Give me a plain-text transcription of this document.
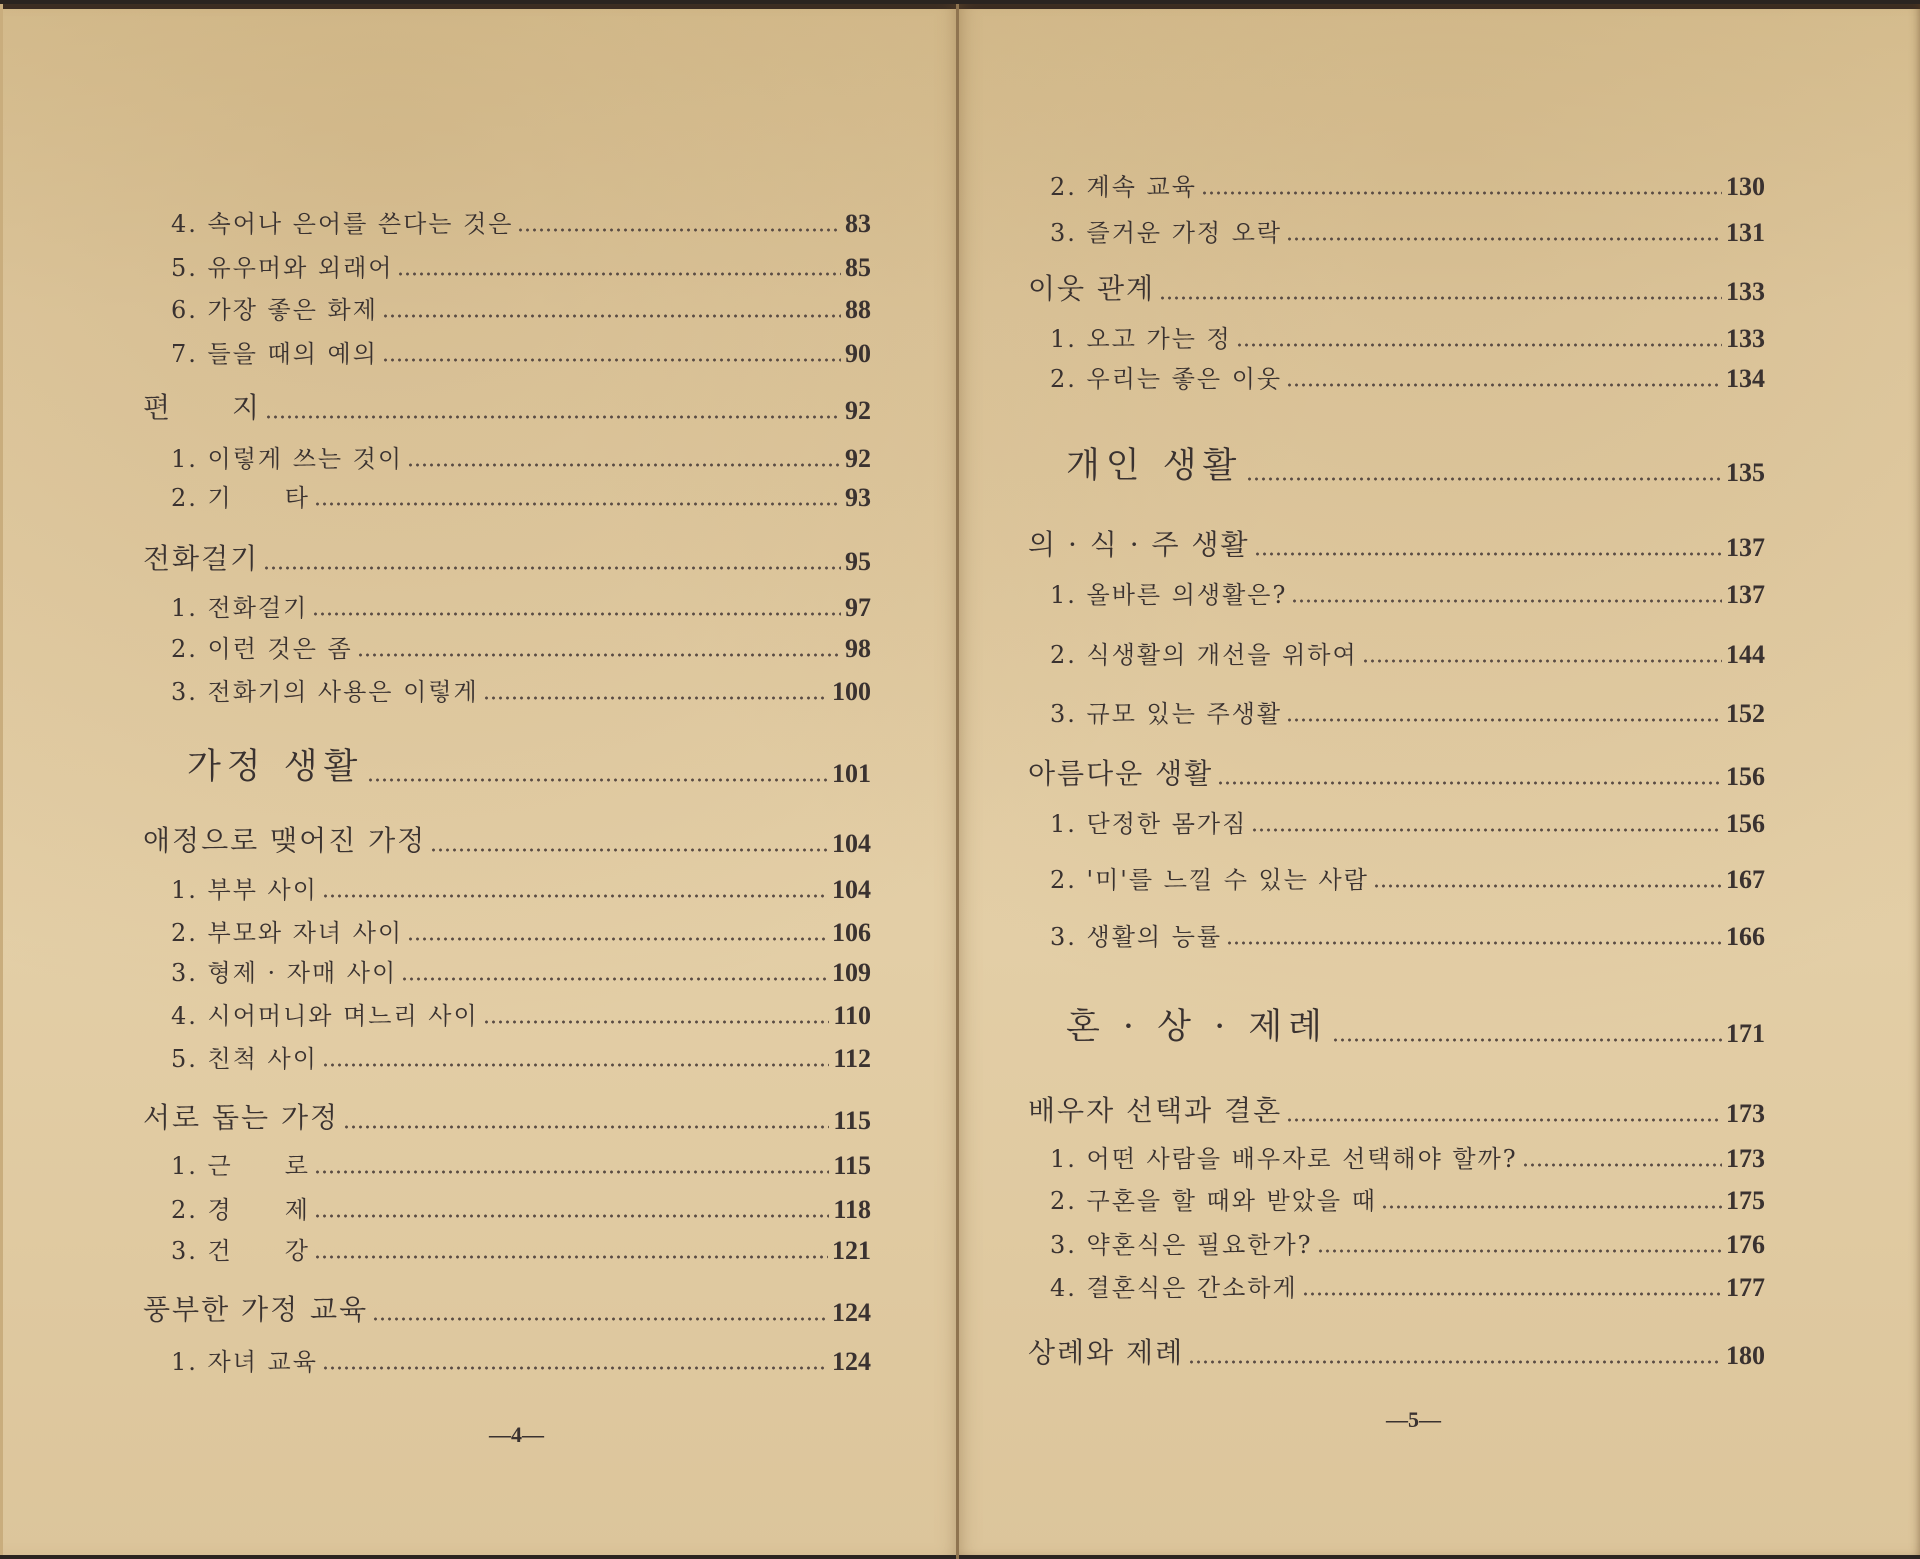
4. 속어나 은어를 쓴다는 것은	83
5. 유우머와 외래어	85
6. 가장 좋은 화제	88
7. 들을 때의 예의	90
편　　지	92
1. 이렇게 쓰는 것이	92
2. 기　　타	93
전화걸기	95
1. 전화걸기	97
2. 이런 것은 좀	98
3. 전화기의 사용은 이렇게	100
가정 생활	101
애정으로 맺어진 가정	104
1. 부부 사이	104
2. 부모와 자녀 사이	106
3. 형제 · 자매 사이	109
4. 시어머니와 며느리 사이	110
5. 친척 사이	112
서로 돕는 가정	115
1. 근　　로	115
2. 경　　제	118
3. 건　　강	121
풍부한 가정 교육	124
1. 자녀 교육	124
—4—
2. 계속 교육	130
3. 즐거운 가정 오락	131
이웃 관계	133
1. 오고 가는 정	133
2. 우리는 좋은 이웃	134
개인 생활	135
의 · 식 · 주 생활	137
1. 올바른 의생활은?	137
2. 식생활의 개선을 위하여	144
3. 규모 있는 주생활	152
아름다운 생활	156
1. 단정한 몸가짐	156
2. '미'를 느낄 수 있는 사람	167
3. 생활의 능률	166
혼 · 상 · 제례	171
배우자 선택과 결혼	173
1. 어떤 사람을 배우자로 선택해야 할까?	173
2. 구혼을 할 때와 받았을 때	175
3. 약혼식은 필요한가?	176
4. 결혼식은 간소하게	177
상례와 제례	180
—5—
